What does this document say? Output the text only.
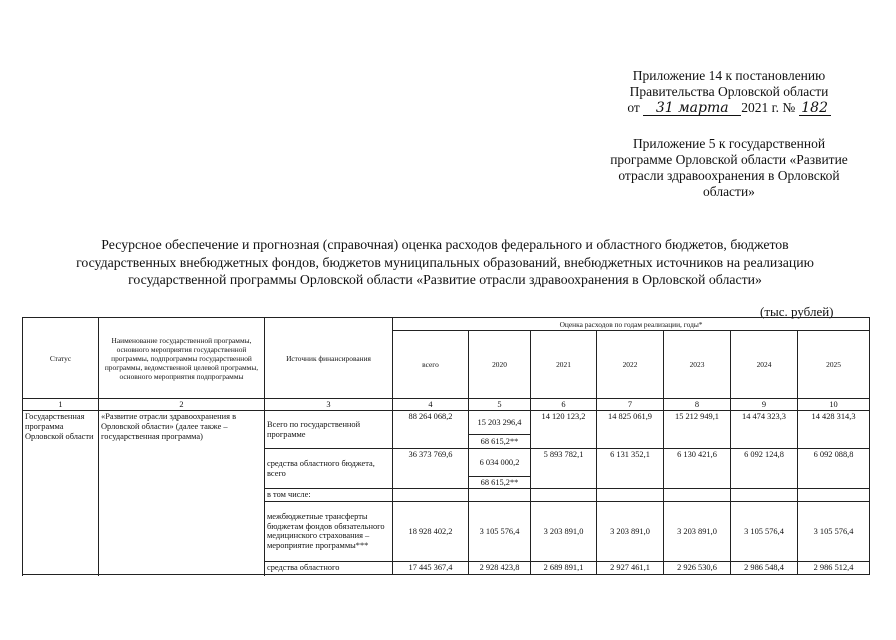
Приложение 14 к постановлению
Правительства Орловской области
от 31 марта 2021 г. № 182
Приложение 5 к государственной программе Орловской области «Развитие отрасли здравоохранения в Орловской области»
Ресурсное обеспечение и прогнозная (справочная) оценка расходов федерального и областного бюджетов, бюджетов
государственных внебюджетных фондов, бюджетов муниципальных образований, внебюджетных источников на реализацию
государственной программы Орловской области «Развитие отрасли здравоохранения в Орловской области»
(тыс. рублей)
Статус	Наименование государственной программы, основного мероприятия государственной программы, подпрограммы государственной программы, ведомственной целевой программы, основного мероприятия подпрограммы	Источник финансирования	Оценка расходов по годам реализации, годы*						
			всего	2020	2021	2022	2023	2024	2025
1	2	3	4	5	6	7	8	9	10
Государственная программа Орловской области	«Развитие отрасли здравоохранения в Орловской области» (далее также – государственная программа)	Всего по государственной программе	88 264 068,2	15 203 296,4	14 120 123,2	14 825 061,9	15 212 949,1	14 474 323,3	14 428 314,3
				68 615,2**					
		средства областного бюджета, всего	36 373 769,6	6 034 000,2	5 893 782,1	6 131 352,1	6 130 421,6	6 092 124,8	6 092 088,8
				68 615,2**					
		в том числе:							
		межбюджетные трансферты бюджетам фондов обязательного медицинского страхования – мероприятие программы***	18 928 402,2	3 105 576,4	3 203 891,0	3 203 891,0	3 203 891,0	3 105 576,4	3 105 576,4
		средства областного	17 445 367,4	2 928 423,8	2 689 891,1	2 927 461,1	2 926 530,6	2 986 548,4	2 986 512,4
